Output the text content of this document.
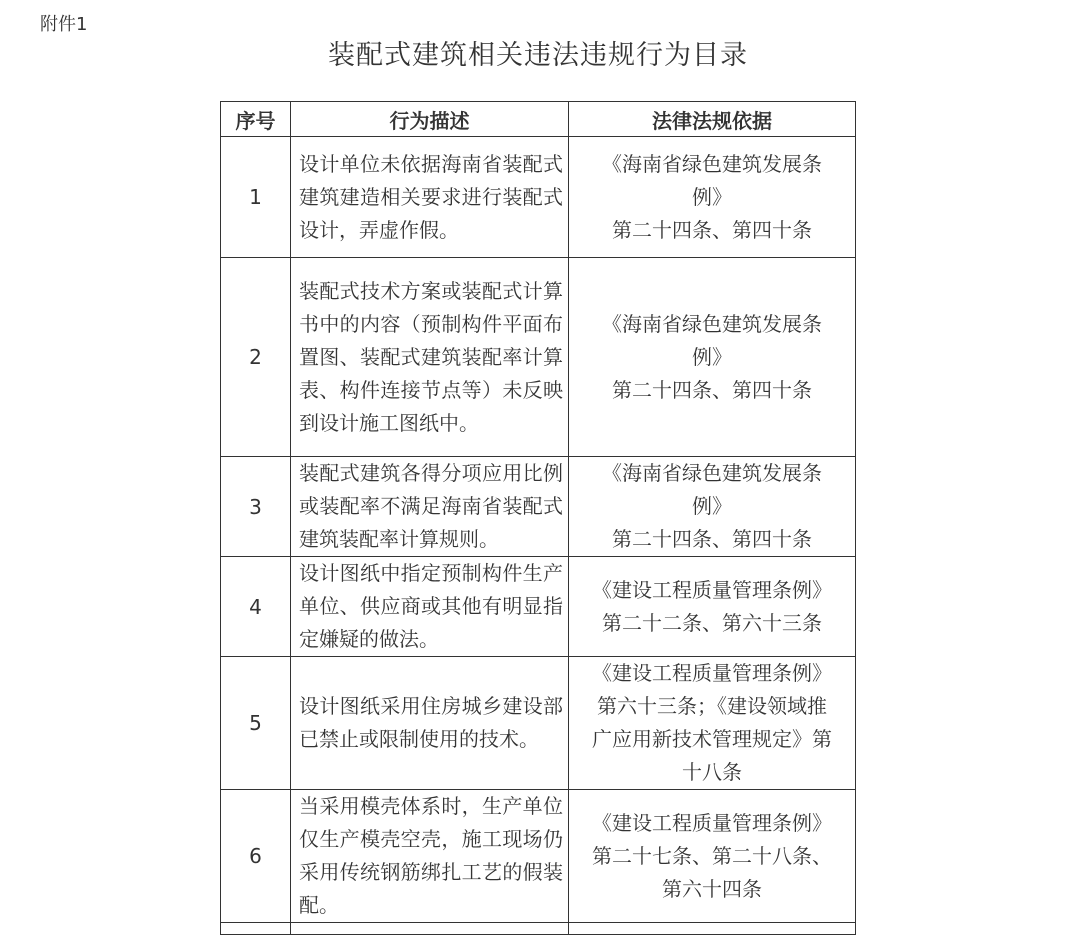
附件1
装配式建筑相关违法违规行为目录
序号	行为描述	法律法规依据
1	设计单位未依据海南省装配式建筑建造相关要求进行装配式设计，弄虚作假。	《海南省绿色建筑发展条
例》
第二十四条、第四十条

2	装配式技术方案或装配式计算书中的内容（预制构件平面布置图、装配式建筑装配率计算表、构件连接节点等）未反映到设计施工图纸中。	《海南省绿色建筑发展条
例》
第二十四条、第四十条

3	装配式建筑各得分项应用比例或装配率不满足海南省装配式建筑装配率计算规则。	《海南省绿色建筑发展条
例》
第二十四条、第四十条

4	设计图纸中指定预制构件生产单位、供应商或其他有明显指定嫌疑的做法。	《建设工程质量管理条例》
第二十二条、第六十三条

5	设计图纸采用住房城乡建设部已禁止或限制使用的技术。	《建设工程质量管理条例》
第六十三条；《建设领域推
广应用新技术管理规定》第
十八条

6	当采用模壳体系时，生产单位仅生产模壳空壳，施工现场仍采用传统钢筋绑扎工艺的假装配。	《建设工程质量管理条例》
第二十七条、第二十八条、
第六十四条
